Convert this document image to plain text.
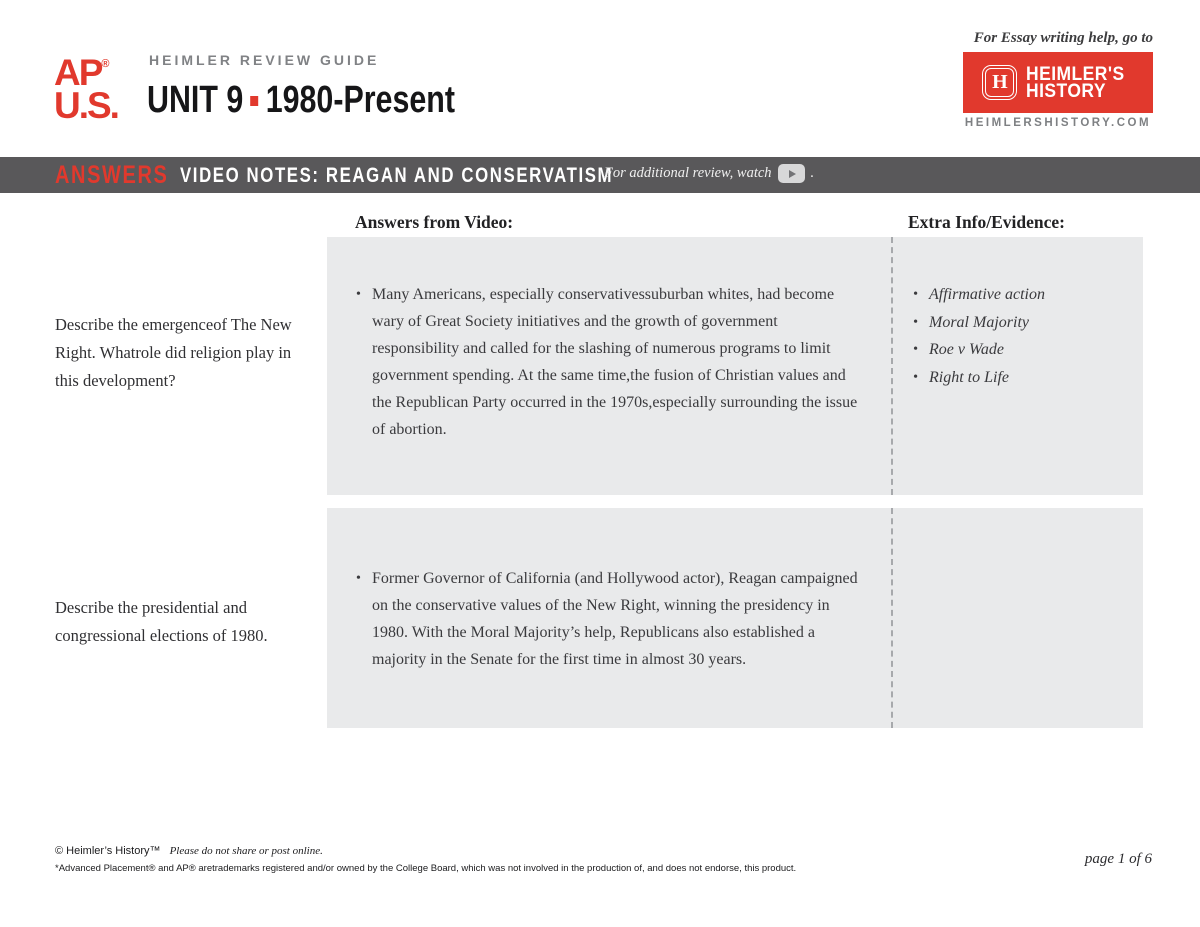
AP®
U.S.
HEIMLER REVIEW GUIDE
UNIT 9 1980-Present
For Essay writing help, go to
H HEIMLER'S
HISTORY
HEIMLERSHISTORY.COM
ANSWERS VIDEO NOTES: REAGAN AND CONSERVATISM
For additional review, watch	.
Answers from Video:	Extra Info/Evidence:
Describe the emergenceof The New Right. Whatrole did religion play in this development?
• Many Americans, especially conservativessuburban whites, had become wary of Great Society initiatives and the growth of government responsibility and called for the slashing of numerous programs to limit government spending. At the same time,the fusion of Christian values and the Republican Party occurred in the 1970s,especially surrounding the issue of abortion.
• Affirmative action
• Moral Majority
• Roe v Wade
• Right to Life
Describe the presidential and congressional elections of 1980.
• Former Governor of California (and Hollywood actor), Reagan campaigned on the conservative values of the New Right, winning the presidency in 1980. With the Moral Majority’s help, Republicans also established a majority in the Senate for the first time in almost 30 years.
© Heimler’s History™ Please do not share or post online.
*Advanced Placement® and AP® aretrademarks registered and/or owned by the College Board, which was not involved in the production of, and does not endorse, this product.
page 1 of 6
